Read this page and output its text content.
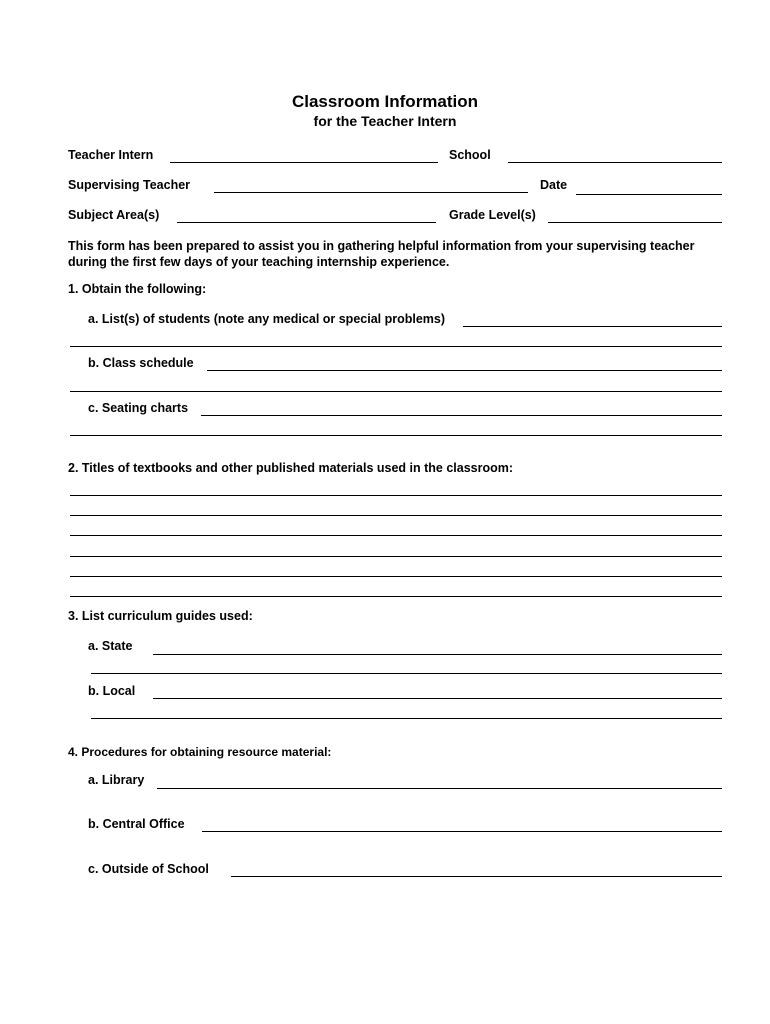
Classroom Information
for the Teacher Intern
Teacher Intern	School
Supervising Teacher	Date
Subject Area(s)	Grade Level(s)
This form has been prepared to assist you in gathering helpful information from your supervising teacher during the first few days of your teaching internship experience.
1. Obtain the following:
a. List(s) of students (note any medical or special problems)
b. Class schedule
c. Seating charts
2. Titles of textbooks and other published materials used in the classroom:
3. List curriculum guides used:
a. State
b. Local
4. Procedures for obtaining resource material:
a. Library
b. Central Office
c. Outside of School
